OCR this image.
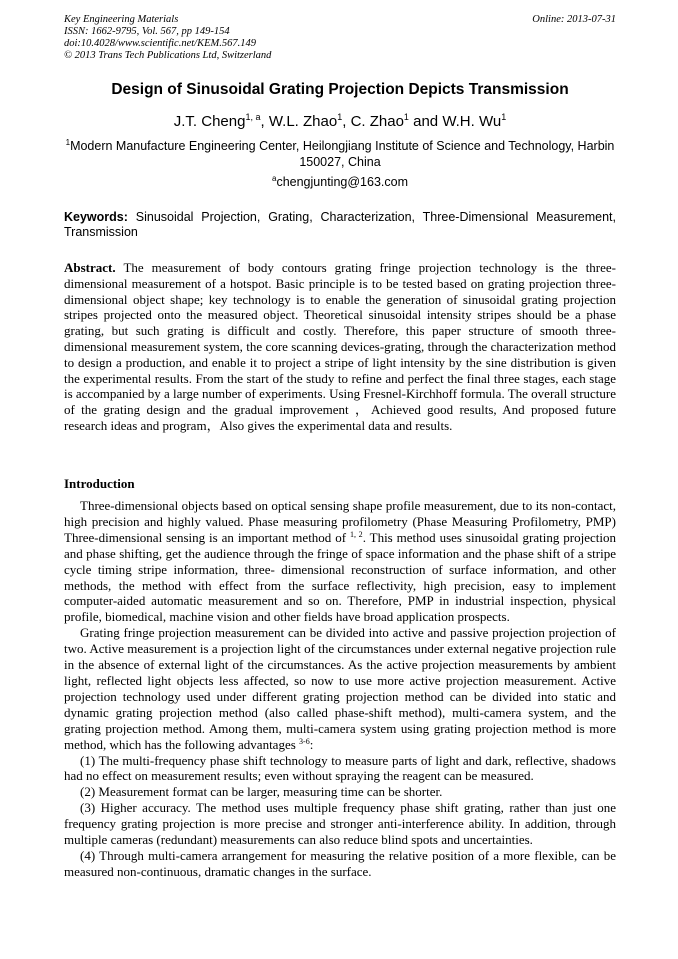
Key Engineering Materials
ISSN: 1662-9795, Vol. 567, pp 149-154
doi:10.4028/www.scientific.net/KEM.567.149
© 2013 Trans Tech Publications Ltd, Switzerland
Online: 2013-07-31
Design of Sinusoidal Grating Projection Depicts Transmission
J.T. Cheng$^{1, a}$, W.L. Zhao$^1$, C. Zhao$^1$ and W.H. Wu$^1$
$^1$Modern Manufacture Engineering Center, Heilongjiang Institute of Science and Technology, Harbin 150027, China
$^a$chengjunting@163.com
Keywords: Sinusoidal Projection, Grating, Characterization, Three-Dimensional Measurement, Transmission
Abstract. The measurement of body contours grating fringe projection technology is the three-dimensional measurement of a hotspot. Basic principle is to be tested based on grating projection three-dimensional object shape; key technology is to enable the generation of sinusoidal grating projection stripes projected onto the measured object. Theoretical sinusoidal intensity stripes should be a phase grating, but such grating is difficult and costly. Therefore, this paper structure of smooth three-dimensional measurement system, the core scanning devices-grating, through the characterization method to design a production, and enable it to project a stripe of light intensity by the sine distribution is given the experimental results. From the start of the study to refine and perfect the final three stages, each stage is accompanied by a large number of experiments. Using Fresnel-Kirchhoff formula. The overall structure of the grating design and the gradual improvement ，Achieved good results, And proposed future research ideas and program，Also gives the experimental data and results.
Introduction

Three-dimensional objects based on optical sensing shape profile measurement, due to its non-contact, high precision and highly valued. Phase measuring profilometry (Phase Measuring Profilometry, PMP) Three-dimensional sensing is an important method of $^{1, 2}$. This method uses sinusoidal grating projection and phase shifting, get the audience through the fringe of space information and the phase shift of a stripe cycle timing stripe information, three- dimensional reconstruction of surface information, and other methods, the method with effect from the surface reflectivity, high precision, easy to implement computer-aided automatic measurement and so on. Therefore, PMP in industrial inspection, physical profile, biomedical, machine vision and other fields have broad application prospects.

Grating fringe projection measurement can be divided into active and passive projection projection of two. Active measurement is a projection light of the circumstances under external negative projection rule in the absence of external light of the circumstances. As the active projection measurements by ambient light, reflected light objects less affected, so now to use more active projection measurement. Active projection technology used under different grating projection method can be divided into static and dynamic grating projection method (also called phase-shift method), multi-camera system, and the grating projection method. Among them, multi-camera system using grating projection method is more method, which has the following advantages $^{3-6}$:

(1) The multi-frequency phase shift technology to measure parts of light and dark, reflective, shadows had no effect on measurement results; even without spraying the reagent can be measured.

(2) Measurement format can be larger, measuring time can be shorter.

(3) Higher accuracy. The method uses multiple frequency phase shift grating, rather than just one frequency grating projection is more precise and stronger anti-interference ability. In addition, through multiple cameras (redundant) measurements can also reduce blind spots and uncertainties.

(4) Through multi-camera arrangement for measuring the relative position of a more flexible, can be measured non-continuous, dramatic changes in the surface.
